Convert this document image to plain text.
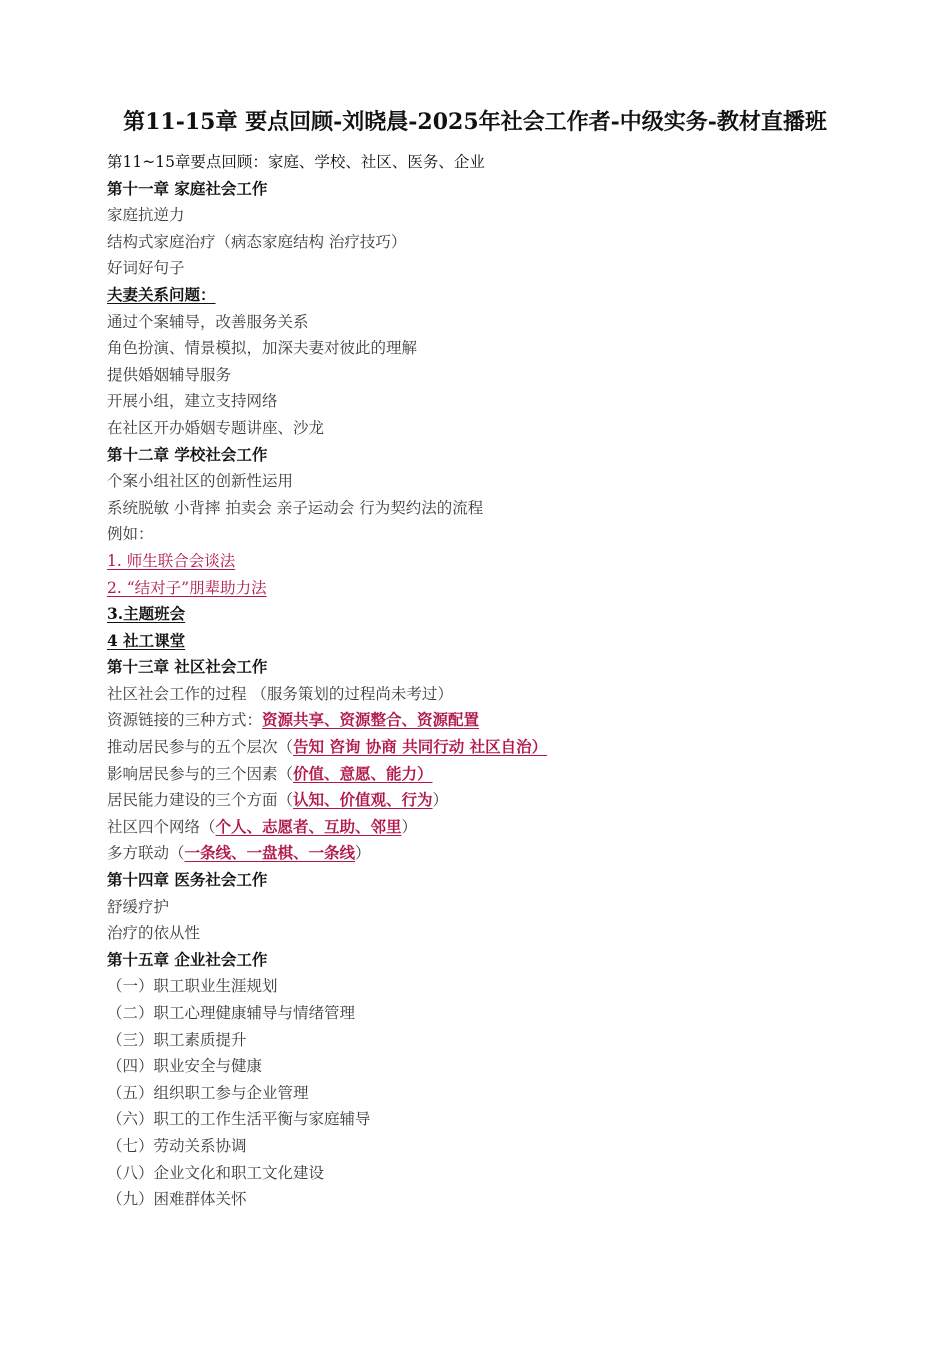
第11-15章 要点回顾-刘晓晨-2025年社会工作者-中级实务-教材直播班
第11~15章要点回顾：家庭、学校、社区、医务、企业
第十一章 家庭社会工作
家庭抗逆力
结构式家庭治疗（病态家庭结构 治疗技巧）
好词好句子
夫妻关系问题：
通过个案辅导，改善服务关系
角色扮演、情景模拟，加深夫妻对彼此的理解
提供婚姻辅导服务
开展小组，建立支持网络
在社区开办婚姻专题讲座、沙龙
第十二章 学校社会工作
个案小组社区的创新性运用
系统脱敏 小背摔 拍卖会 亲子运动会 行为契约法的流程
例如：
1. 师生联合会谈法
2. “结对子”朋辈助力法
3.主题班会
4 社工课堂
第十三章 社区社会工作
社区社会工作的过程 （服务策划的过程尚未考过）
资源链接的三种方式：资源共享、资源整合、资源配置
推动居民参与的五个层次（告知 咨询 协商 共同行动 社区自治）
影响居民参与的三个因素（价值、意愿、能力）
居民能力建设的三个方面（认知、价值观、行为）
社区四个网络（个人、志愿者、互助、邻里）
多方联动（一条线、一盘棋、一条线）
第十四章 医务社会工作
舒缓疗护
治疗的依从性
第十五章 企业社会工作
（一）职工职业生涯规划
（二）职工心理健康辅导与情绪管理
（三）职工素质提升
（四）职业安全与健康
（五）组织职工参与企业管理
（六）职工的工作生活平衡与家庭辅导
（七）劳动关系协调
（八）企业文化和职工文化建设
（九）困难群体关怀
